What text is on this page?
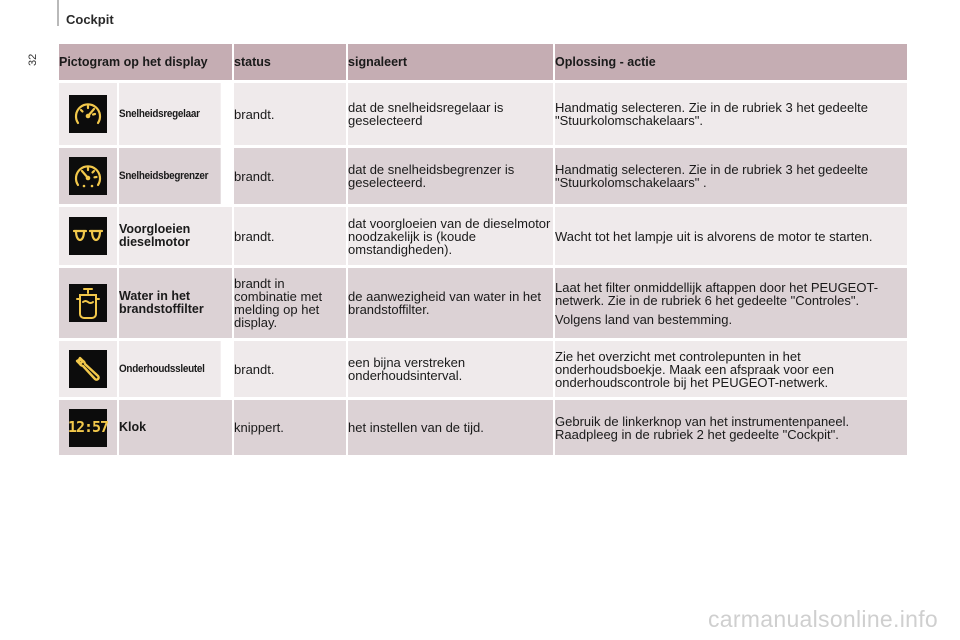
Cockpit
32 Pictogram op het display		status	signaleert	Oplossing - actie

	Snelheidsregelaar	brandt.	dat de snelheidsregelaar is geselecteerd	Handmatig selecteren. Zie in de rubriek 3 het gedeelte "Stuurkolomschakelaars".

	Snelheidsbegrenzer	brandt.	dat de snelheidsbegrenzer is geselecteerd.	Handmatig selecteren. Zie in de rubriek 3 het gedeelte "Stuurkolomschakelaars" .

	Voorgloeien dieselmotor	brandt.	dat voorgloeien van de dieselmotor noodzakelijk is (koude omstandigheden).	Wacht tot het lampje uit is alvorens de motor te starten.

	Water in het brandstoffilter	brandt in combinatie met melding op het display.	de aanwezigheid van water in het brandstoffilter.	Laat het filter onmiddellijk aftappen door het PEUGEOT-netwerk. Zie in de rubriek 6 het gedeelte "Controles".
Volgens land van bestemming.

	Onderhoudssleutel	brandt.	een bijna verstreken onderhoudsinterval.	Zie het overzicht met controlepunten in het onderhoudsboekje. Maak een afspraak voor een onderhoudscontrole bij het PEUGEOT-netwerk.

12:57	Klok	knippert.	het instellen van de tijd.	Gebruik de linkerknop van het instrumentenpaneel. Raadpleeg in de rubriek 2 het gedeelte "Cockpit".
carmanualsonline.info
